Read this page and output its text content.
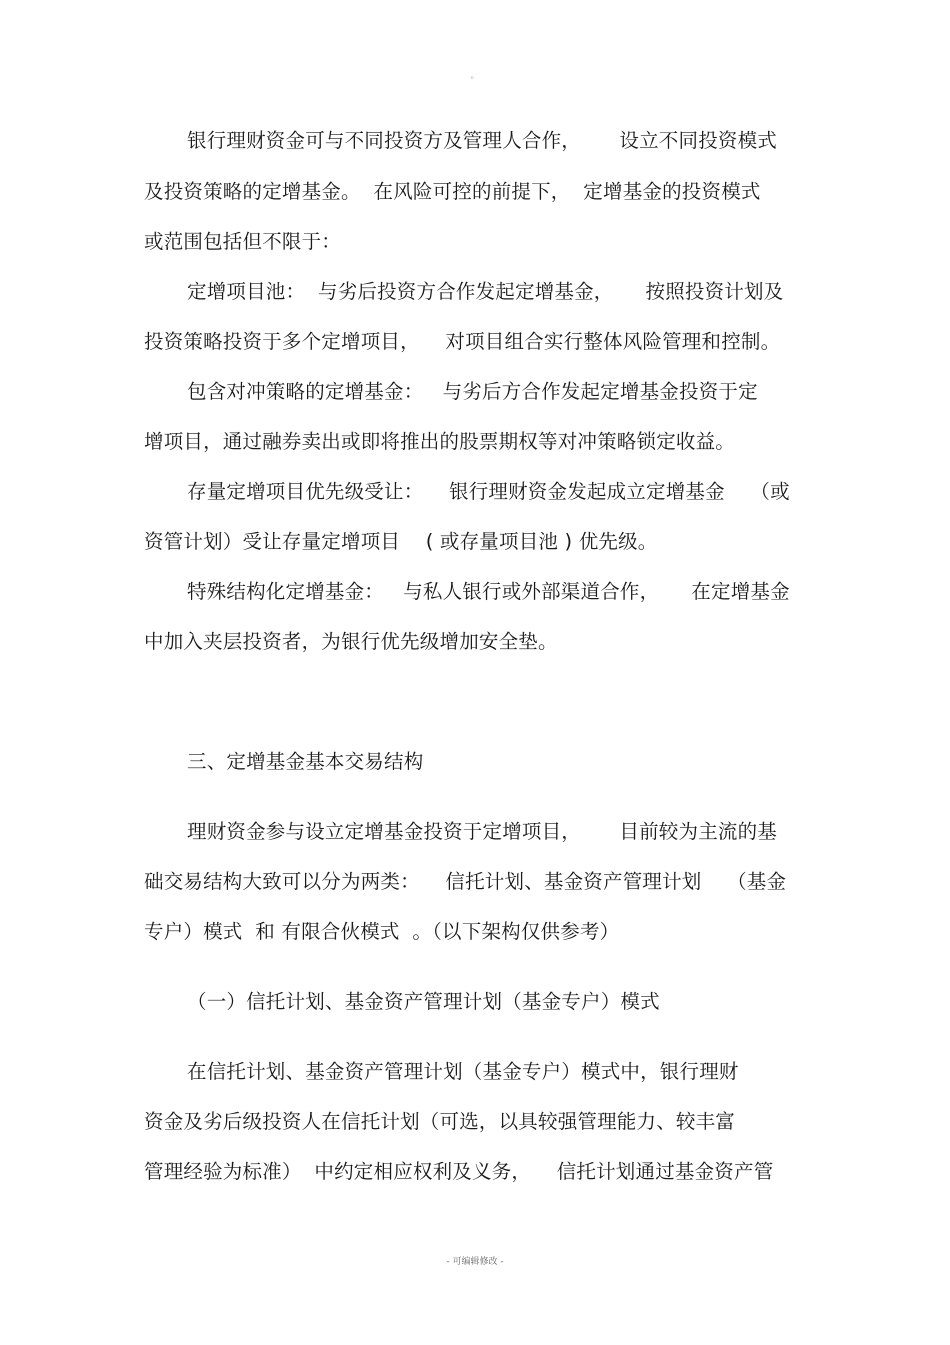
。
银行理财资金可与不同投资方及管理人合作，      设立不同投资模式
及投资策略的定增基金。  在风险可控的前提下，  定增基金的投资模式
或范围包括但不限于：
定增项目池：  与劣后投资方合作发起定增基金，     按照投资计划及
投资策略投资于多个定增项目，    对项目组合实行整体风险管理和控制。
包含对冲策略的定增基金：   与劣后方合作发起定增基金投资于定
增项目，通过融券卖出或即将推出的股票期权等对冲策略锁定收益。
存量定增项目优先级受让：    银行理财资金发起成立定增基金    （或
资管计划）受让存量定增项目    ( 或存量项目池 ) 优先级。
特殊结构化定增基金：   与私人银行或外部渠道合作，     在定增基金
中加入夹层投资者，为银行优先级增加安全垫。
三、定增基金基本交易结构
理财资金参与设立定增基金投资于定增项目，      目前较为主流的基
础交易结构大致可以分为两类：    信托计划、基金资产管理计划    （基金
专户）模式  和 有限合伙模式  。（以下架构仅供参考）
（一）信托计划、基金资产管理计划（基金专户）模式
在信托计划、基金资产管理计划（基金专户）模式中，银行理财
资金及劣后级投资人在信托计划（可选，以具较强管理能力、较丰富
管理经验为标准）  中约定相应权利及义务，    信托计划通过基金资产管
- 可编辑修改 -
